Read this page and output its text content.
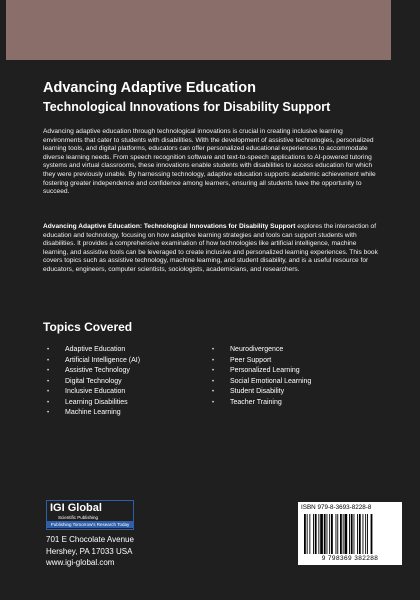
Advancing Adaptive Education
Technological Innovations for Disability Support

Advancing adaptive education through technological innovations is crucial in creating inclusive learning environments that cater to students with disabilities. With the development of assistive technologies, personalized learning tools, and digital platforms, educators can offer personalized educational experiences to accommodate diverse learning needs. From speech recognition software and text-to-speech applications to AI-powered tutoring systems and virtual classrooms, these innovations enable students with disabilities to access education for which they were previously unable. By harnessing technology, adaptive education supports academic achievement while fostering greater independence and confidence among learners, ensuring all students have the opportunity to succeed.

Advancing Adaptive Education: Technological Innovations for Disability Support explores the intersection of education and technology, focusing on how adaptive learning strategies and tools can support students with disabilities. It provides a comprehensive examination of how technologies like artificial intelligence, machine learning, and assistive tools can be leveraged to create inclusive and personalized learning experiences. This book covers topics such as assistive technology, machine learning, and student disability, and is a useful resource for educators, engineers, computer scientists, sociologists, academicians, and researchers.

Topics Covered
• Adaptive Education
• Artificial Intelligence (AI)
• Assistive Technology
• Digital Technology
• Inclusive Education
• Learning Disabilities
• Machine Learning
• Neurodivergence
• Peer Support
• Personalized Learning
• Social Emotional Learning
• Student Disability
• Teacher Training
IGI Global
Scientific Publishing
Publishing Tomorrow's Research Today
701 E Chocolate Avenue
Hershey, PA 17033 USA
www.igi-global.com
ISBN 979-8-3693-8228-8
9 798369 382288
